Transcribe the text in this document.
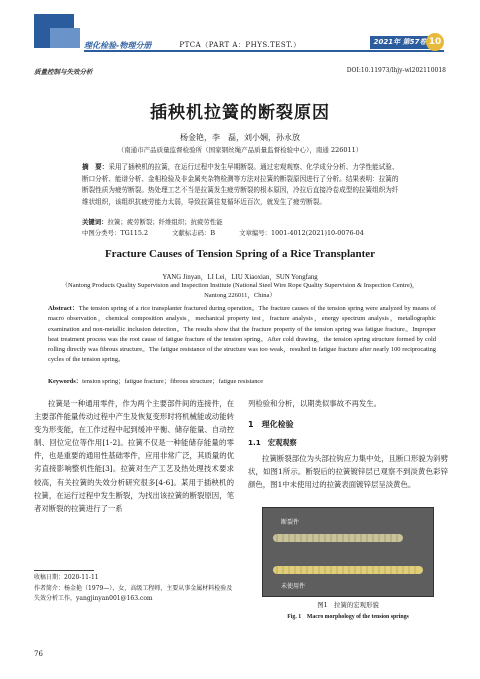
理化检验-物理分册	PTCA（PART A：PHYS.TEST.）	2021年 第57卷 10
质量控制与失效分析	DOI:10.11973/lhjy-wl202110018
插秧机拉簧的断裂原因
杨金艳，李　磊，刘小娴，孙永放
（南通市产品质量监督检验所（国家钢丝绳产品质量监督检验中心），南通 226011）
摘　要：采用了插秧机的拉簧，在运行过程中发生早期断裂。通过宏观观察、化学成分分析、力学性能试验、断口分析、能谱分析、金相检验及非金属夹杂物检测等方法对拉簧的断裂原因进行了分析。结果表明：拉簧的断裂性质为疲劳断裂。热处理工艺不当是拉簧发生疲劳断裂的根本原因，冷拉后直接冷卷成型的拉簧组织为纤维状组织，该组织抗疲劳能力太弱，导致拉簧往复循环近百次，就发生了疲劳断裂。
关键词：拉簧；疲劳断裂；纤维组织；抗疲劳性能
中图分类号：TG115.2	文献标志码：B	文章编号：1001-4012(2021)10-0076-04
Fracture Causes of Tension Spring of a Rice Transplanter
YANG Jinyan，LI Lei，LIU Xiaoxian，SUN Yongfang
（Nantong Products Quality Supervision and Inspection Institute (National Steel Wire Rope Quality Supervision & Inspection Centre)，Nantong 226011，China）
Abstract：The tension spring of a rice transplanter fractured during operation。The fracture causes of the tension spring were analyzed by means of macro observation，chemical composition analysis，mechanical property test，fracture analysis，energy spectrum analysis，metallographic examination and non-metallic inclusion detection。The results show that the fracture property of the tension spring was fatigue fracture。Improper heat treatment process was the root cause of fatigue fracture of the tension spring。After cold drawing，the tension spring structure formed by cold rolling directly was fibrous structure。The fatigue resistance of the structure was too weak，resulted in fatigue fracture after nearly 100 reciprocating cycles of the tension spring。
Keywords：tension spring；fatigue fracture；fibrous structure；fatigue resistance

拉簧是一种通用零件，作为两个主要部件间的连接件，在主要部件能量传动过程中产生及恢复变形时将机械能或动能转变为形变能，在工作过程中起到缓冲平衡、储存能量、自动控制、回位定位等作用[1-2]。拉簧不仅是一种能储存能量的零件，也是重要的通用性基础零件，应用非常广泛，其质量的优劣直接影响整机性能[3]。拉簧对生产工艺及热处理技术要求较高，有关拉簧的失效分析研究很多[4-6]。某用于插秧机的拉簧，在运行过程中发生断裂，为找出该拉簧的断裂原因，笔者对断裂的拉簧进行了一系

列检验和分析，以期类似事故不再发生。
1　理化检验
1.1　宏观观察

拉簧断裂部位为头部拉钩应力集中处，且断口形貌为斜劈状，如图1所示。断裂后的拉簧镀锌层已观察不到淡黄色彩锌颜色，图1中未使用过的拉簧表面镀锌层呈淡黄色。

断裂件
未使用件
图1　拉簧的宏观形貌
Fig. 1　Macro morphology of the tension springs
收稿日期：2020-11-11
作者简介：杨金艳（1979—），女，高级工程师，主要从事金属材料检验及失效分析工作，yangjinyan001@163.com
76
